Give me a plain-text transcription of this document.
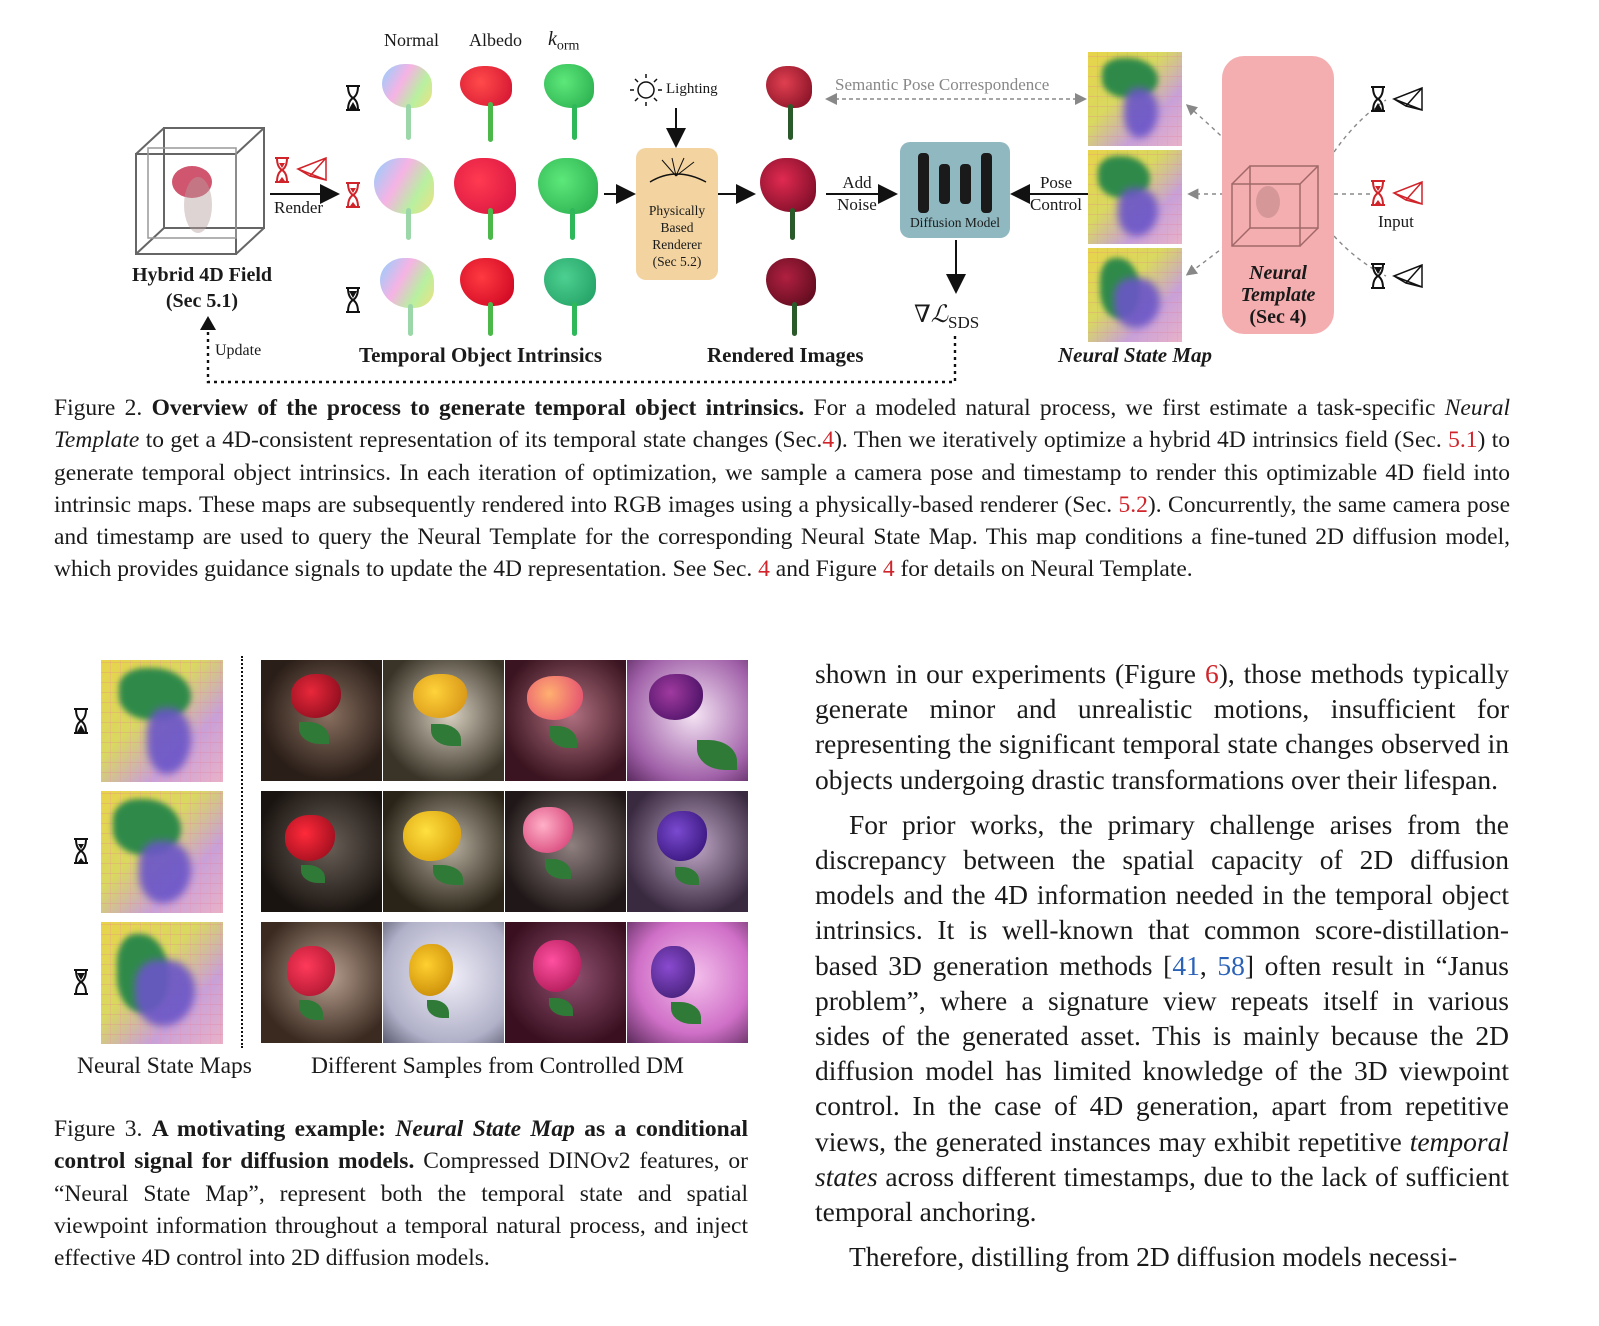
Normal Albedo $k_{orm}$
Lighting	Semantic Pose Correspondence
Render	Physically
Based
Renderer
(Sec 5.2)
Add
Noise
Diffusion Model
Pose
Control
Input
Hybrid 4D Field
(Sec 5.1)
Update	Temporal Object Intrinsics	Rendered Images
∇ℒ$_{SDS}$
Neural State Map
Neural
Template
(Sec 4)
Figure 2. Overview of the process to generate temporal object intrinsics. For a modeled natural process, we first estimate a task-specific Neural Template to get a 4D-consistent representation of its temporal state changes (Sec.4). Then we iteratively optimize a hybrid 4D intrinsics field (Sec. 5.1) to generate temporal object intrinsics. In each iteration of optimization, we sample a camera pose and timestamp to render this optimizable 4D field into intrinsic maps. These maps are subsequently rendered into RGB images using a physically-based renderer (Sec. 5.2). Concurrently, the same camera pose and timestamp are used to query the Neural Template for the corresponding Neural State Map. This map conditions a fine-tuned 2D diffusion model, which provides guidance signals to update the 4D representation. See Sec. 4 and Figure 4 for details on Neural Template.
Neural State Maps	Different Samples from Controlled DM
Figure 3. A motivating example: Neural State Map as a conditional control signal for diffusion models. Compressed DINOv2 features, or “Neural State Map”, represent both the temporal state and spatial viewpoint information throughout a temporal natural process, and inject effective 4D control into 2D diffusion models.

shown in our experiments (Figure 6), those methods typically generate minor and unrealistic motions, insufficient for representing the significant temporal state changes observed in objects undergoing drastic transformations over their lifespan.

For prior works, the primary challenge arises from the discrepancy between the spatial capacity of 2D diffusion models and the 4D information needed in the temporal object intrinsics. It is well-known that common score-distillation-based 3D generation methods [41, 58] often result in “Janus problem”, where a signature view repeats itself in various sides of the generated asset. This is mainly because the 2D diffusion model has limited knowledge of the 3D viewpoint control. In the case of 4D generation, apart from repetitive views, the generated instances may exhibit repetitive temporal states across different timestamps, due to the lack of sufficient temporal anchoring.

Therefore, distilling from 2D diffusion models necessi-
